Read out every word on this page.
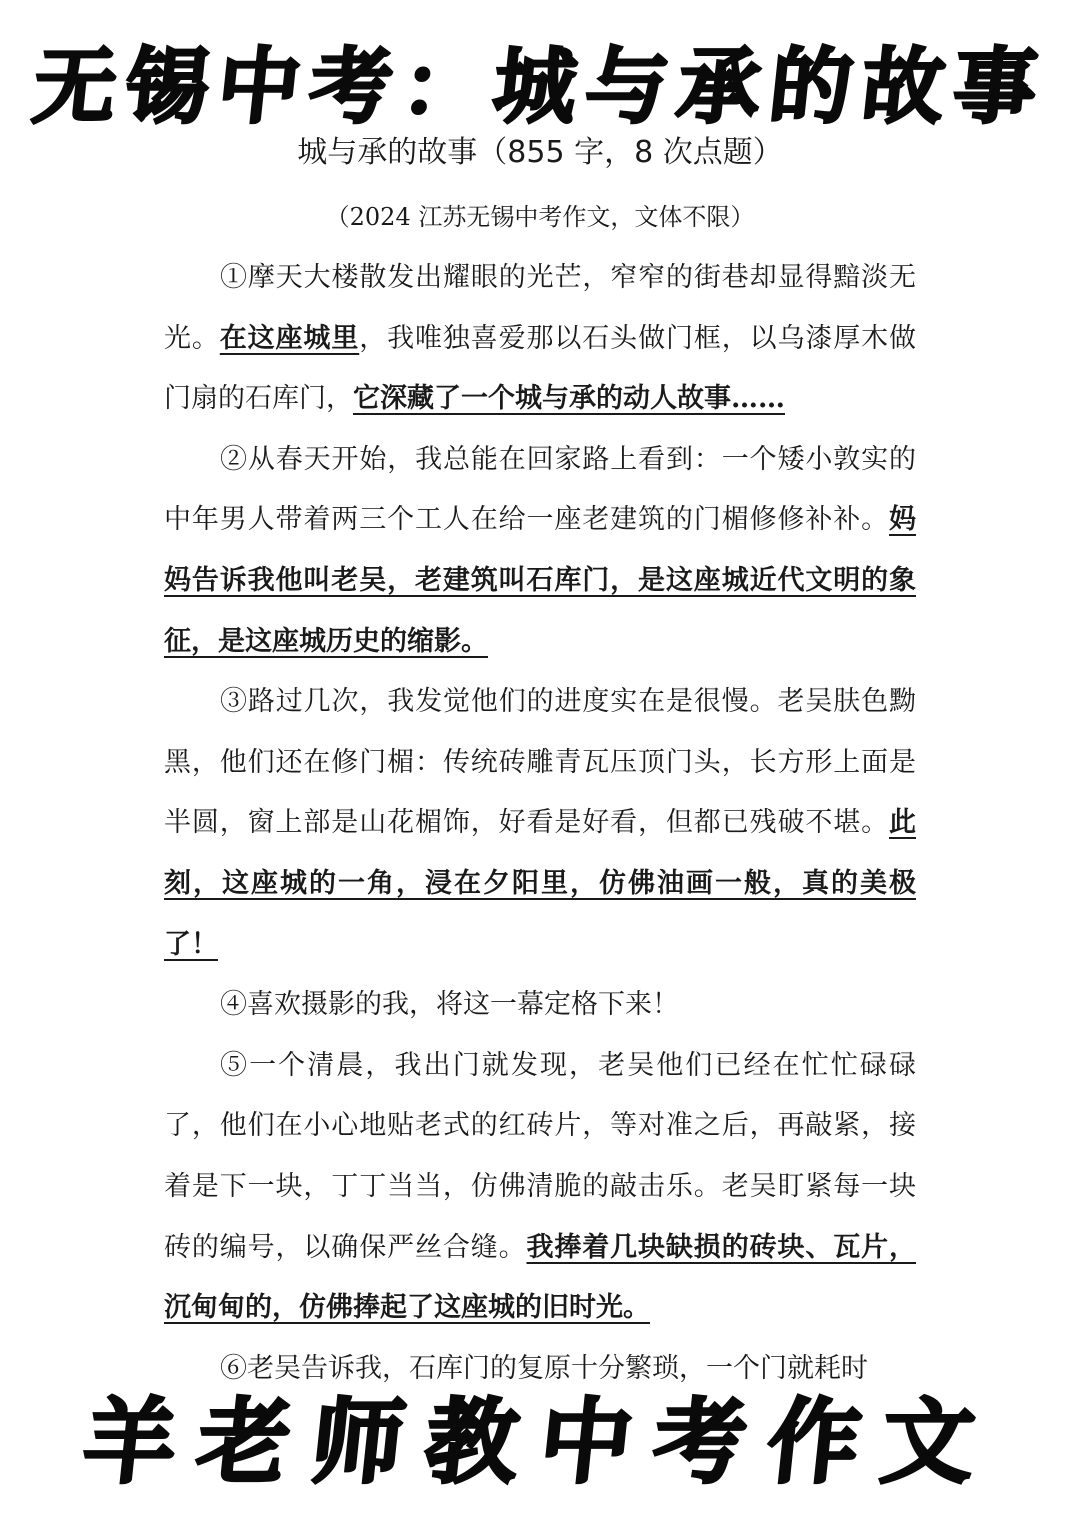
无锡中考：城与承的故事
城与承的故事（855 字，8 次点题）
（2024 江苏无锡中考作文，文体不限）

①摩天大楼散发出耀眼的光芒，窄窄的街巷却显得黯淡无光。在这座城里，我唯独喜爱那以石头做门框，以乌漆厚木做门扇的石库门，它深藏了一个城与承的动人故事……

②从春天开始，我总能在回家路上看到：一个矮小敦实的中年男人带着两三个工人在给一座老建筑的门楣修修补补。妈妈告诉我他叫老吴，老建筑叫石库门，是这座城近代文明的象征，是这座城历史的缩影。

③路过几次，我发觉他们的进度实在是很慢。老吴肤色黝黑，他们还在修门楣：传统砖雕青瓦压顶门头，长方形上面是半圆，窗上部是山花楣饰，好看是好看，但都已残破不堪。此刻，这座城的一角，浸在夕阳里，仿佛油画一般，真的美极了！

④喜欢摄影的我，将这一幕定格下来！

⑤一个清晨，我出门就发现，老吴他们已经在忙忙碌碌了，他们在小心地贴老式的红砖片，等对准之后，再敲紧，接着是下一块，丁丁当当，仿佛清脆的敲击乐。老吴盯紧每一块砖的编号，以确保严丝合缝。我捧着几块缺损的砖块、瓦片，沉甸甸的，仿佛捧起了这座城的旧时光。

⑥老吴告诉我，石库门的复原十分繁琐，一个门就耗时

羊老师教中考作文
